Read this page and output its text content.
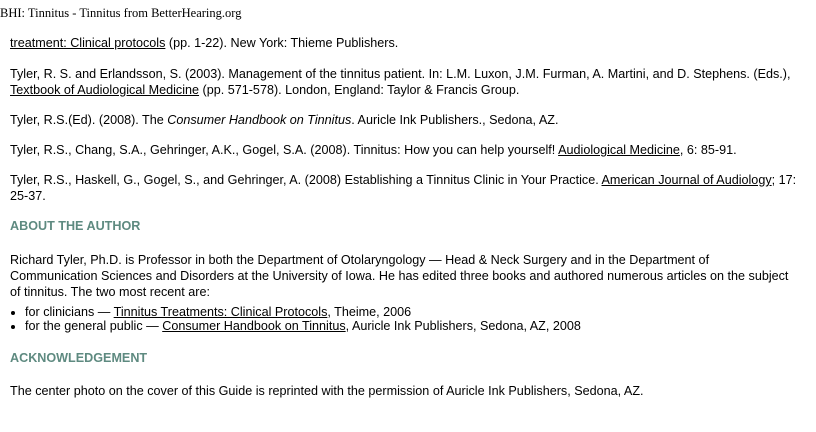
BHI: Tinnitus - Tinnitus from BetterHearing.org

treatment: Clinical protocols (pp. 1-22). New York: Thieme Publishers.

Tyler, R. S. and Erlandsson, S. (2003). Management of the tinnitus patient. In: L.M. Luxon, J.M. Furman, A. Martini, and D. Stephens. (Eds.), Textbook of Audiological Medicine (pp. 571-578). London, England: Taylor & Francis Group.

Tyler, R.S.(Ed). (2008). The Consumer Handbook on Tinnitus. Auricle Ink Publishers., Sedona, AZ.

Tyler, R.S., Chang, S.A., Gehringer, A.K., Gogel, S.A. (2008). Tinnitus: How you can help yourself! Audiological Medicine, 6: 85-91.

Tyler, R.S., Haskell, G., Gogel, S., and Gehringer, A. (2008) Establishing a Tinnitus Clinic in Your Practice. American Journal of Audiology; 17: 25-37.

ABOUT THE AUTHOR

Richard Tyler, Ph.D. is Professor in both the Department of Otolaryngology — Head & Neck Surgery and in the Department of Communication Sciences and Disorders at the University of Iowa. He has edited three books and authored numerous articles on the subject of tinnitus. The two most recent are:

• for clinicians — Tinnitus Treatments: Clinical Protocols, Theime, 2006
• for the general public — Consumer Handbook on Tinnitus, Auricle Ink Publishers, Sedona, AZ, 2008
ACKNOWLEDGEMENT

The center photo on the cover of this Guide is reprinted with the permission of Auricle Ink Publishers, Sedona, AZ.
